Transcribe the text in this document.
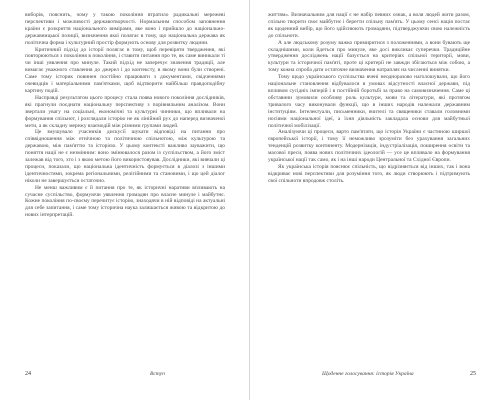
виборів, пояснить, чому у такою покоління втратило радикальні мережеві перспективи і можливості державотворчості. Нормальним способом заповнення країни є розкриття національного вимірами, яке воно і прийшло до національно-державницької позиції, визначення якої полягає в тому, що національна держава як політична форма і культурний простір формують основу для розвитку людини.

Критичний підхід до історії полягає в тому, щоб перевіряти твердження, які повторюються з покоління в покоління, і ставити питання про те, як саме виникали ті чи інші уявлення про минуле. Такий підхід не заперечує значення традиції, але вимагає уважного ставлення до джерел і до контексту, в якому вони були створені. Саме тому історик повинен постійно працювати з документами, свідченнями очевидців і матеріальними пам'ятками, щоб відтворити найбільш правдоподібну картину подій.

Насправді результатом цього процесу стала поява нового покоління дослідників, які прагнули поєднати національну перспективу з порівняльним аналізом. Вони звертали увагу на соціальні, економічні та культурні чинники, що впливали на формування спільнот, і розглядали історію не як лінійний рух до наперед визначеної мети, а як складну мережу взаємодій між різними групами людей.

Це змушувало учасників дискусії шукати відповіді на питання про співвідношення між етнічною та політичною спільнотою, між культурою та державою, між пам'яттю та історією. У цьому контексті важливо зауважити, що поняття нації не є незмінним: воно змінювалося разом із суспільством, а його зміст залежав від того, хто і з якою метою його використовував. Дослідники, які вивчали ці процеси, показали, що національна ідентичність формується в діалозі з іншими ідентичностями, зокрема регіональними, релігійними та становими, і що цей діалог ніколи не завершується остаточно.

Не менш важливим є й питання про те, як історичні наративи впливають на сучасне суспільство, формуючи уявлення громадян про власне минуле і майбутнє. Кожне покоління по-своєму перечитує історію, знаходячи в ній відповіді на актуальні для себе запитання, і саме тому історична наука залишається живою та відкритою до нових інтерпретацій.

24	Вступ

життям». Визначальним для нації є не набір певних ознак, а воля людей жити разом, спільно творити своє майбутнє і берегти спільну пам'ять. У цьому сенсі нація постає як щоденний вибір, що його здійснюють громадяни, підтверджуючи свою належність до спільноти.

А але людському розуму важко примиритися з положеннями, а вони бувають ще складнішими, коли йдеться про минуле, яке досі викликає суперечки. Традиційне утвердження досліджень нації базується на критеріях спільної території, мови, культури та історичної пам'яті, проте ці критерії не завжди збігаються між собою, а тому кожна спроба дати остаточне визначення натрапляє на численні винятки.

Тому щодо українського суспільства вчені неодноразово наголошували, що його національне становлення відбувалося в умовах відсутності власної держави, під впливом сусідніх імперій і в постійній боротьбі за право на самовизначення. Саме ці обставини зумовили особливу роль культури, мови та літератури, які протягом тривалого часу виконували функції, що в інших народів належали державним інституціям. Інтелектуали, письменники, вчителі та священики ставали головними носіями національної ідеї, а їхня діяльність закладала основи для майбутньої політичної мобілізації.

Аналізуючи ці процеси, варто пам'ятати, що історія України є частиною ширшої європейської історії, і тому її неможливо зрозуміти без урахування загальних тенденцій розвитку континенту. Модернізація, індустріалізація, поширення освіти та масової преси, поява нових політичних ідеологій — усе це впливало на формування української нації так само, як і на інші народи Центральної та Східної Європи.

Як українська історія пояснює спільність, що відрізняється від інших, так і вона відкриває нові перспективи для розуміння того, як люди створюють і підтримують свої спільноти впродовж століть.

Щоденне голосування: історія Україна	25
